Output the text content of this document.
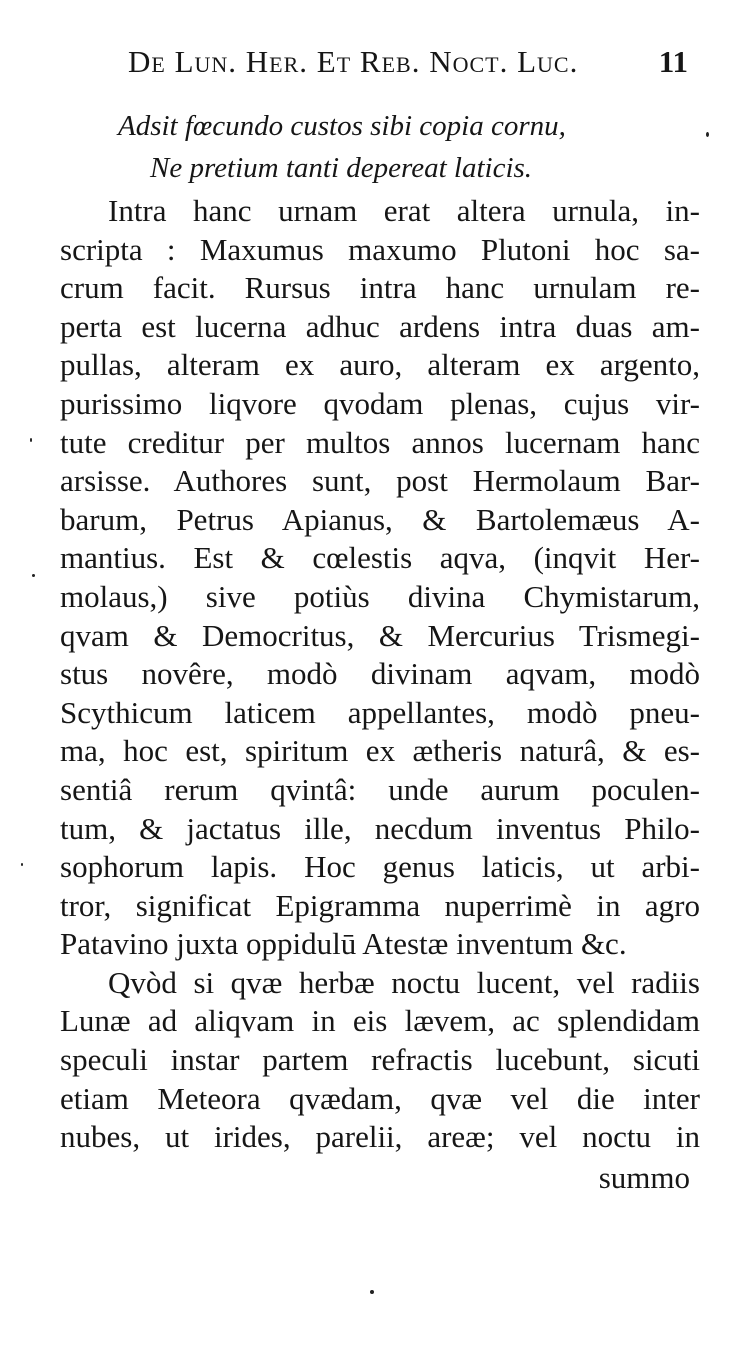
De Lun. Her. Et Reb. Noct. Luc.	11
Adsit fœcundo custos sibi copia cornu,
Ne pretium tanti depereat laticis.
Intra hanc urnam erat altera urnula, in-
scripta : Maxumus maxumo Plutoni hoc sa-
crum facit. Rursus intra hanc urnulam re-
perta est lucerna adhuc ardens intra duas am-
pullas, alteram ex auro, alteram ex argento,
purissimo liqvore qvodam plenas, cujus vir-
tute creditur per multos annos lucernam hanc
arsisse. Authores sunt, post Hermolaum Bar-
barum, Petrus Apianus, & Bartolemæus A-
mantius. Est & cœlestis aqva, (inqvit Her-
molaus,) sive potiùs divina Chymistarum,
qvam & Democritus, & Mercurius Trismegi-
stus novêre, modò divinam aqvam, modò
Scythicum laticem appellantes, modò pneu-
ma, hoc est, spiritum ex ætheris naturâ, & es-
sentiâ rerum qvintâ: unde aurum poculen-
tum, & jactatus ille, necdum inventus Philo-
sophorum lapis. Hoc genus laticis, ut arbi-
tror, significat Epigramma nuperrimè in agro
Patavino juxta oppidulū Atestæ inventum &c.
Qvòd si qvæ herbæ noctu lucent, vel radiis
Lunæ ad aliqvam in eis lævem, ac splendidam
speculi instar partem refractis lucebunt, sicuti
etiam Meteora qvædam, qvæ vel die inter
nubes, ut irides, parelii, areæ; vel noctu in
summo
